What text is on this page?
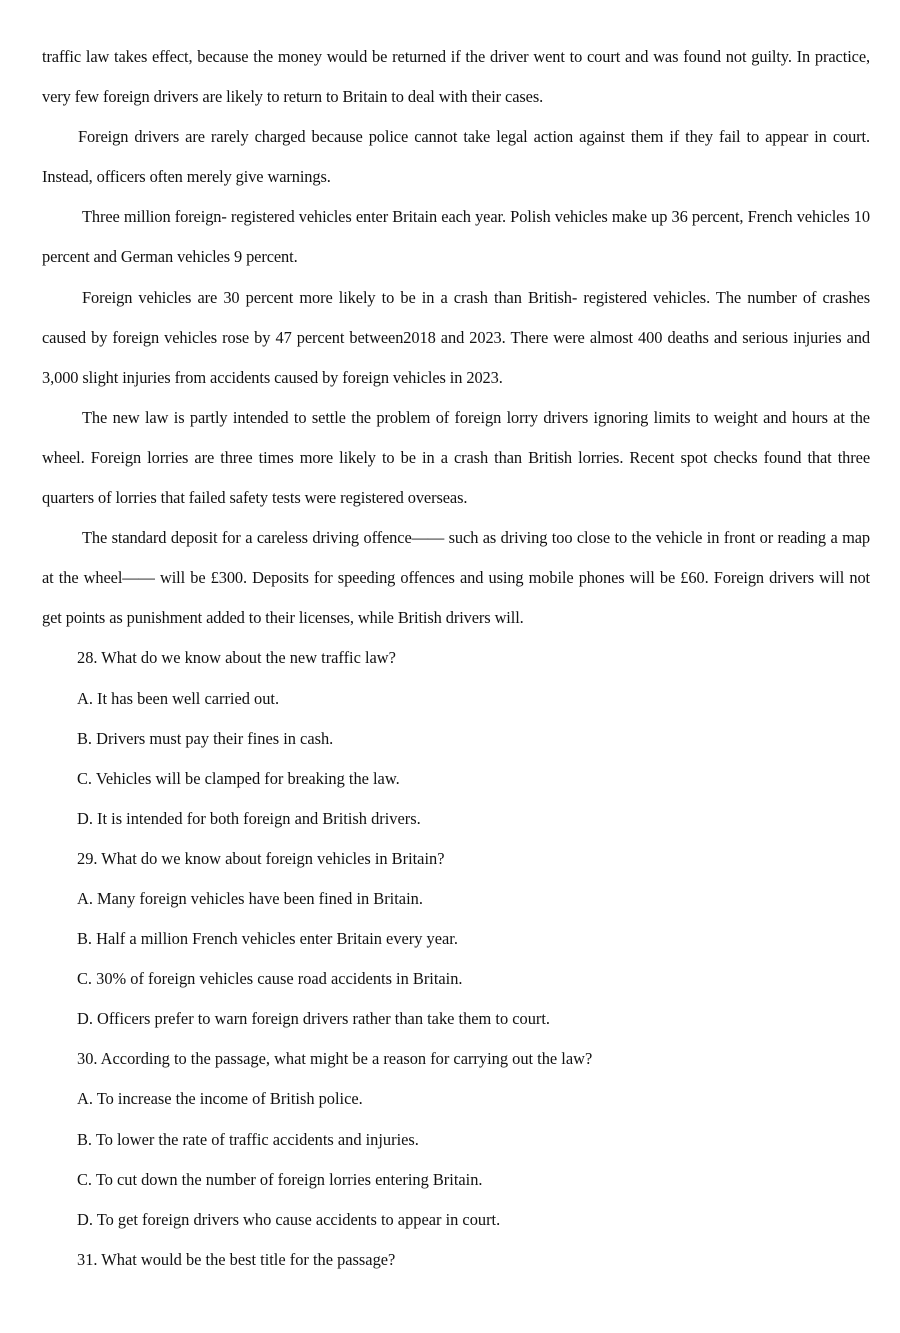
traffic law takes effect, because the money would be returned if the driver went to court and was found not guilty. In practice, very few foreign drivers are likely to return to Britain to deal with their cases.

Foreign drivers are rarely charged because police cannot take legal action against them if they fail to appear in court. Instead, officers often merely give warnings.

Three million foreign- registered vehicles enter Britain each year. Polish vehicles make up 36 percent, French vehicles 10 percent and German vehicles 9 percent.

Foreign vehicles are 30 percent more likely to be in a crash than British- registered vehicles. The number of crashes caused by foreign vehicles rose by 47 percent between2018 and 2023. There were almost 400 deaths and serious injuries and 3,000 slight injuries from accidents caused by foreign vehicles in 2023.

The new law is partly intended to settle the problem of foreign lorry drivers ignoring limits to weight and hours at the wheel. Foreign lorries are three times more likely to be in a crash than British lorries. Recent spot checks found that three quarters of lorries that failed safety tests were registered overseas.

The standard deposit for a careless driving offence—— such as driving too close to the vehicle in front or reading a map at the wheel—— will be £300. Deposits for speeding offences and using mobile phones will be £60. Foreign drivers will not get points as punishment added to their licenses, while British drivers will.

28. What do we know about the new traffic law?

A. It has been well carried out.

B. Drivers must pay their fines in cash.

C. Vehicles will be clamped for breaking the law.

D. It is intended for both foreign and British drivers.

29. What do we know about foreign vehicles in Britain?

A. Many foreign vehicles have been fined in Britain.

B. Half a million French vehicles enter Britain every year.

C. 30% of foreign vehicles cause road accidents in Britain.

D. Officers prefer to warn foreign drivers rather than take them to court.

30. According to the passage, what might be a reason for carrying out the law?

A. To increase the income of British police.

B. To lower the rate of traffic accidents and injuries.

C. To cut down the number of foreign lorries entering Britain.

D. To get foreign drivers who cause accidents to appear in court.

31. What would be the best title for the passage?
